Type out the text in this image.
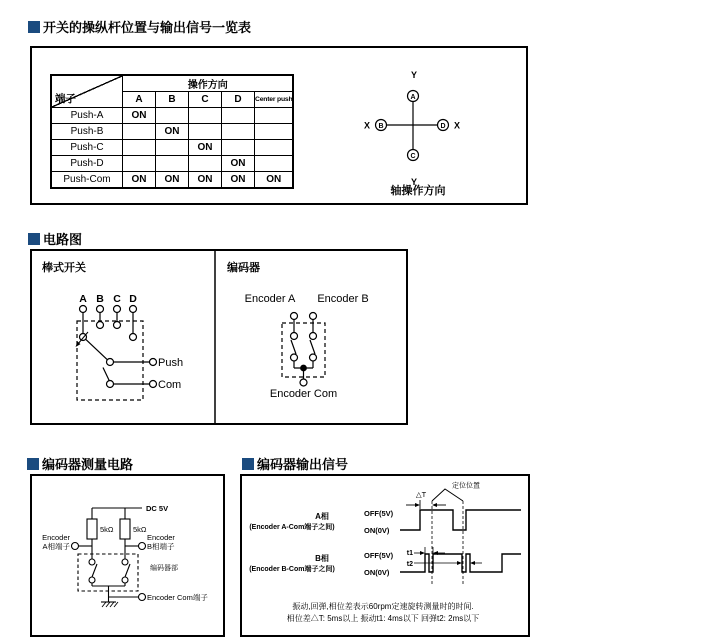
开关的操纵杆位置与输出信号一览表
端子	操作方向				
	A	B	C	D	Center push
Push-A	ON				
Push-B		ON			
Push-C			ON		
Push-D				ON	
Push-Com	ON	ON	ON	ON	ON
Y
Y
X	X
A
B	D
C
轴操作方向
电路图
棒式开关
A B C D
Push
Com
编码器
Encoder A Encoder B
Encoder Com
编码器测量电路
DC 5V
5kΩ	5kΩ
Encoder
A相端子
Encoder
B相端子
编码器部
Encoder Com端子
编码器输出信号
定位位置
△T
A相
(Encoder A-Com端子之间)
OFF(5V)
ON(0V)
B相
(Encoder B-Com端子之间)
OFF(5V)
ON(0V)
t1
t2
振动,回弹,相位差表示60rpm定速旋转测量时的时间.
相位差△T: 5ms以上 振动t1: 4ms以下 回弹t2: 2ms以下
